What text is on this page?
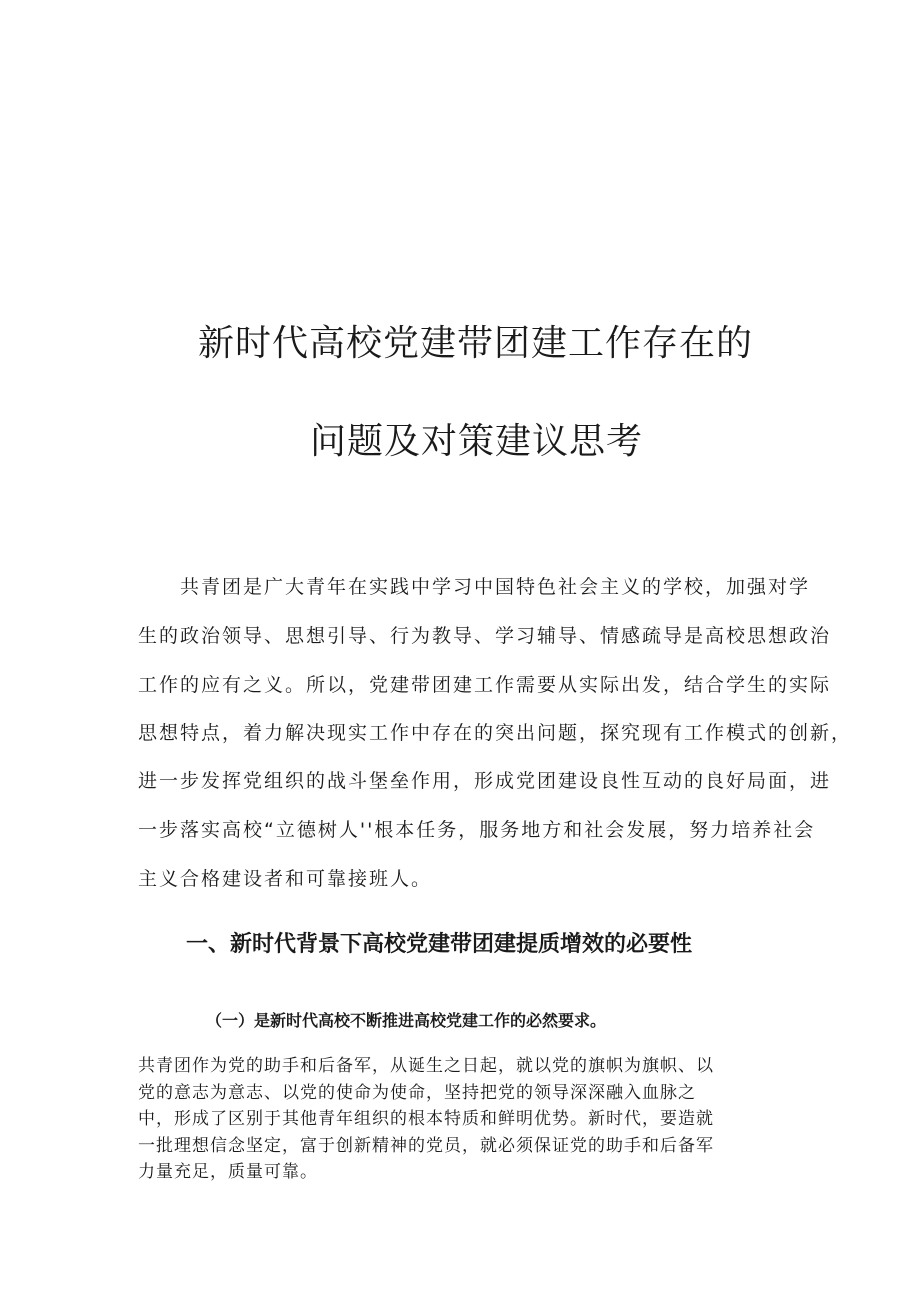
新时代高校党建带团建工作存在的
问题及对策建议思考
　　共青团是广大青年在实践中学习中国特色社会主义的学校，加强对学
生的政治领导、思想引导、行为教导、学习辅导、情感疏导是高校思想政治
工作的应有之义。所以，党建带团建工作需要从实际出发，结合学生的实际
思想特点，着力解决现实工作中存在的突出问题，探究现有工作模式的创新，
进一步发挥党组织的战斗堡垒作用，形成党团建设良性互动的良好局面，进
一步落实高校“立德树人''根本任务，服务地方和社会发展，努力培养社会
主义合格建设者和可靠接班人。
一、新时代背景下高校党建带团建提质增效的必要性
（一）是新时代高校不断推进高校党建工作的必然要求。
共青团作为党的助手和后备军，从诞生之日起，就以党的旗帜为旗帜、以
党的意志为意志、以党的使命为使命，坚持把党的领导深深融入血脉之
中，形成了区别于其他青年组织的根本特质和鲜明优势。新时代，要造就
一批理想信念坚定，富于创新精神的党员，就必须保证党的助手和后备军
力量充足，质量可靠。
